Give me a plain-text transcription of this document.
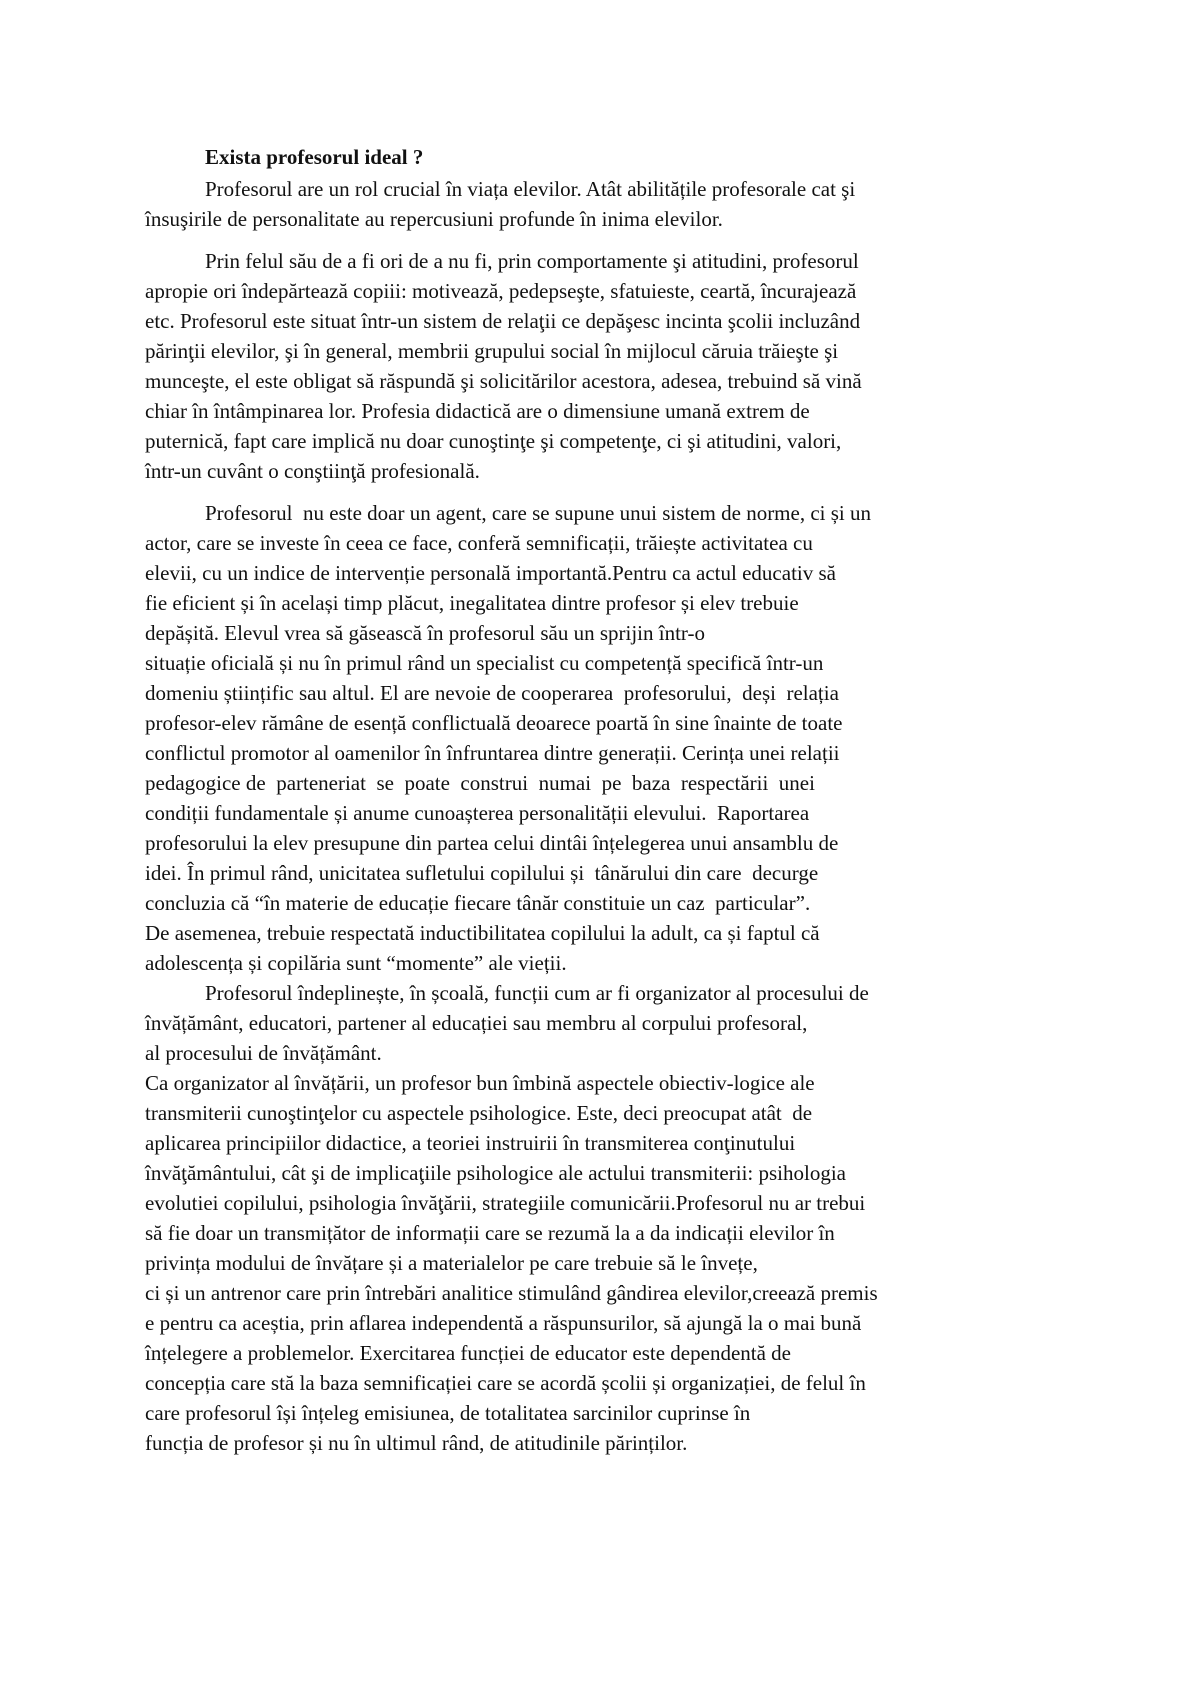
Exista profesorul ideal ?
Profesorul are un rol crucial în viața elevilor. Atât abilitățile profesorale cat şi
însuşirile de personalitate au repercusiuni profunde în inima elevilor.
Prin felul său de a fi ori de a nu fi, prin comportamente şi atitudini, profesorul
apropie ori îndepărtează copiii: motivează, pedepseşte, sfatuieste, ceartă, încurajează
etc. Profesorul este situat într-un sistem de relaţii ce depăşesc incinta şcolii incluzând
părinţii elevilor, şi în general, membrii grupului social în mijlocul căruia trăieşte şi
munceşte, el este obligat să răspundă şi solicitărilor acestora, adesea, trebuind să vină
chiar în întâmpinarea lor. Profesia didactică are o dimensiune umană extrem de
puternică, fapt care implică nu doar cunoştinţe şi competenţe, ci şi atitudini, valori,
într-un cuvânt o conştiinţă profesională.
Profesorul  nu este doar un agent, care se supune unui sistem de norme, ci și un
actor, care se investe în ceea ce face, conferă semnificații, trăiește activitatea cu
elevii, cu un indice de intervenție personală importantă.Pentru ca actul educativ să
fie eficient și în același timp plăcut, inegalitatea dintre profesor și elev trebuie
depășită. Elevul vrea să găsească în profesorul său un sprijin într-o
situație oficială și nu în primul rând un specialist cu competență specifică într-un
domeniu științific sau altul. El are nevoie de cooperarea  profesorului,  deși  relația
profesor-elev rămâne de esență conflictuală deoarece poartă în sine înainte de toate
conflictul promotor al oamenilor în înfruntarea dintre generații. Cerința unei relații
pedagogice de  parteneriat  se  poate  construi  numai  pe  baza  respectării  unei
condiții fundamentale și anume cunoașterea personalității elevului.  Raportarea
profesorului la elev presupune din partea celui dintâi înțelegerea unui ansamblu de
idei. În primul rând, unicitatea sufletului copilului și  tânărului din care  decurge
concluzia că “în materie de educație fiecare tânăr constituie un caz  particular”.
De asemenea, trebuie respectată inductibilitatea copilului la adult, ca și faptul că
adolescența și copilăria sunt “momente” ale vieții.
Profesorul îndeplinește, în școală, funcții cum ar fi organizator al procesului de
învățământ, educatori, partener al educației sau membru al corpului profesoral,
al procesului de învățământ.
Ca organizator al învățării, un profesor bun îmbină aspectele obiectiv-logice ale
transmiterii cunoştinţelor cu aspectele psihologice. Este, deci preocupat atât  de
aplicarea principiilor didactice, a teoriei instruirii în transmiterea conţinutului
învăţământului, cât şi de implicaţiile psihologice ale actului transmiterii: psihologia
evolutiei copilului, psihologia învăţării, strategiile comunicării.Profesorul nu ar trebui
să fie doar un transmițător de informații care se rezumă la a da indicații elevilor în
privința modului de învățare și a materialelor pe care trebuie să le învețe,
ci și un antrenor care prin întrebări analitice stimulând gândirea elevilor,creează premis
e pentru ca aceștia, prin aflarea independentă a răspunsurilor, să ajungă la o mai bună
înțelegere a problemelor. Exercitarea funcției de educator este dependentă de
concepția care stă la baza semnificației care se acordă școlii și organizației, de felul în
care profesorul își înțeleg emisiunea, de totalitatea sarcinilor cuprinse în
funcția de profesor și nu în ultimul rând, de atitudinile părinților.
